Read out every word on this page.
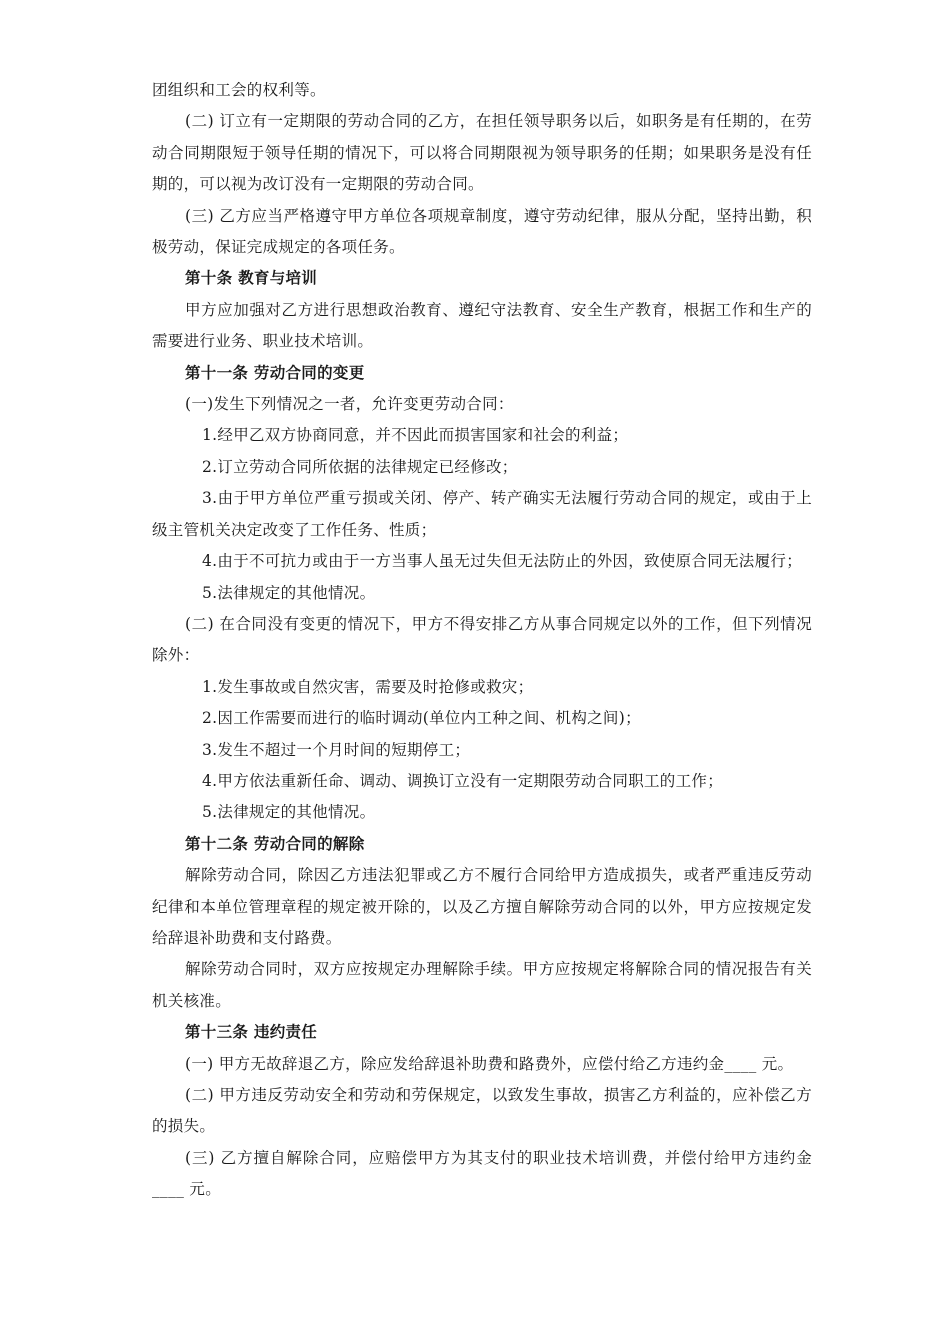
团组织和工会的权利等。

(二) 订立有一定期限的劳动合同的乙方，在担任领导职务以后，如职务是有任期的，在劳动合同期限短于领导任期的情况下，可以将合同期限视为领导职务的任期；如果职务是没有任期的，可以视为改订没有一定期限的劳动合同。

(三) 乙方应当严格遵守甲方单位各项规章制度，遵守劳动纪律，服从分配，坚持出勤，积极劳动，保证完成规定的各项任务。

第十条 教育与培训

甲方应加强对乙方进行思想政治教育、遵纪守法教育、安全生产教育，根据工作和生产的需要进行业务、职业技术培训。

第十一条 劳动合同的变更

(一)发生下列情况之一者，允许变更劳动合同：

1.经甲乙双方协商同意，并不因此而损害国家和社会的利益；

2.订立劳动合同所依据的法律规定已经修改；

3.由于甲方单位严重亏损或关闭、停产、转产确实无法履行劳动合同的规定，或由于上级主管机关决定改变了工作任务、性质；

4.由于不可抗力或由于一方当事人虽无过失但无法防止的外因，致使原合同无法履行；

5.法律规定的其他情况。

(二) 在合同没有变更的情况下，甲方不得安排乙方从事合同规定以外的工作，但下列情况除外：

1.发生事故或自然灾害，需要及时抢修或救灾；

2.因工作需要而进行的临时调动(单位内工种之间、机构之间)；

3.发生不超过一个月时间的短期停工；

4.甲方依法重新任命、调动、调换订立没有一定期限劳动合同职工的工作；

5.法律规定的其他情况。

第十二条 劳动合同的解除

解除劳动合同，除因乙方违法犯罪或乙方不履行合同给甲方造成损失，或者严重违反劳动纪律和本单位管理章程的规定被开除的，以及乙方擅自解除劳动合同的以外，甲方应按规定发给辞退补助费和支付路费。

解除劳动合同时，双方应按规定办理解除手续。甲方应按规定将解除合同的情况报告有关机关核准。

第十三条 违约责任

(一) 甲方无故辞退乙方，除应发给辞退补助费和路费外，应偿付给乙方违约金____ 元。

(二) 甲方违反劳动安全和劳动和劳保规定，以致发生事故，损害乙方利益的，应补偿乙方的损失。

(三) 乙方擅自解除合同，应赔偿甲方为其支付的职业技术培训费，并偿付给甲方违约金____ 元。
